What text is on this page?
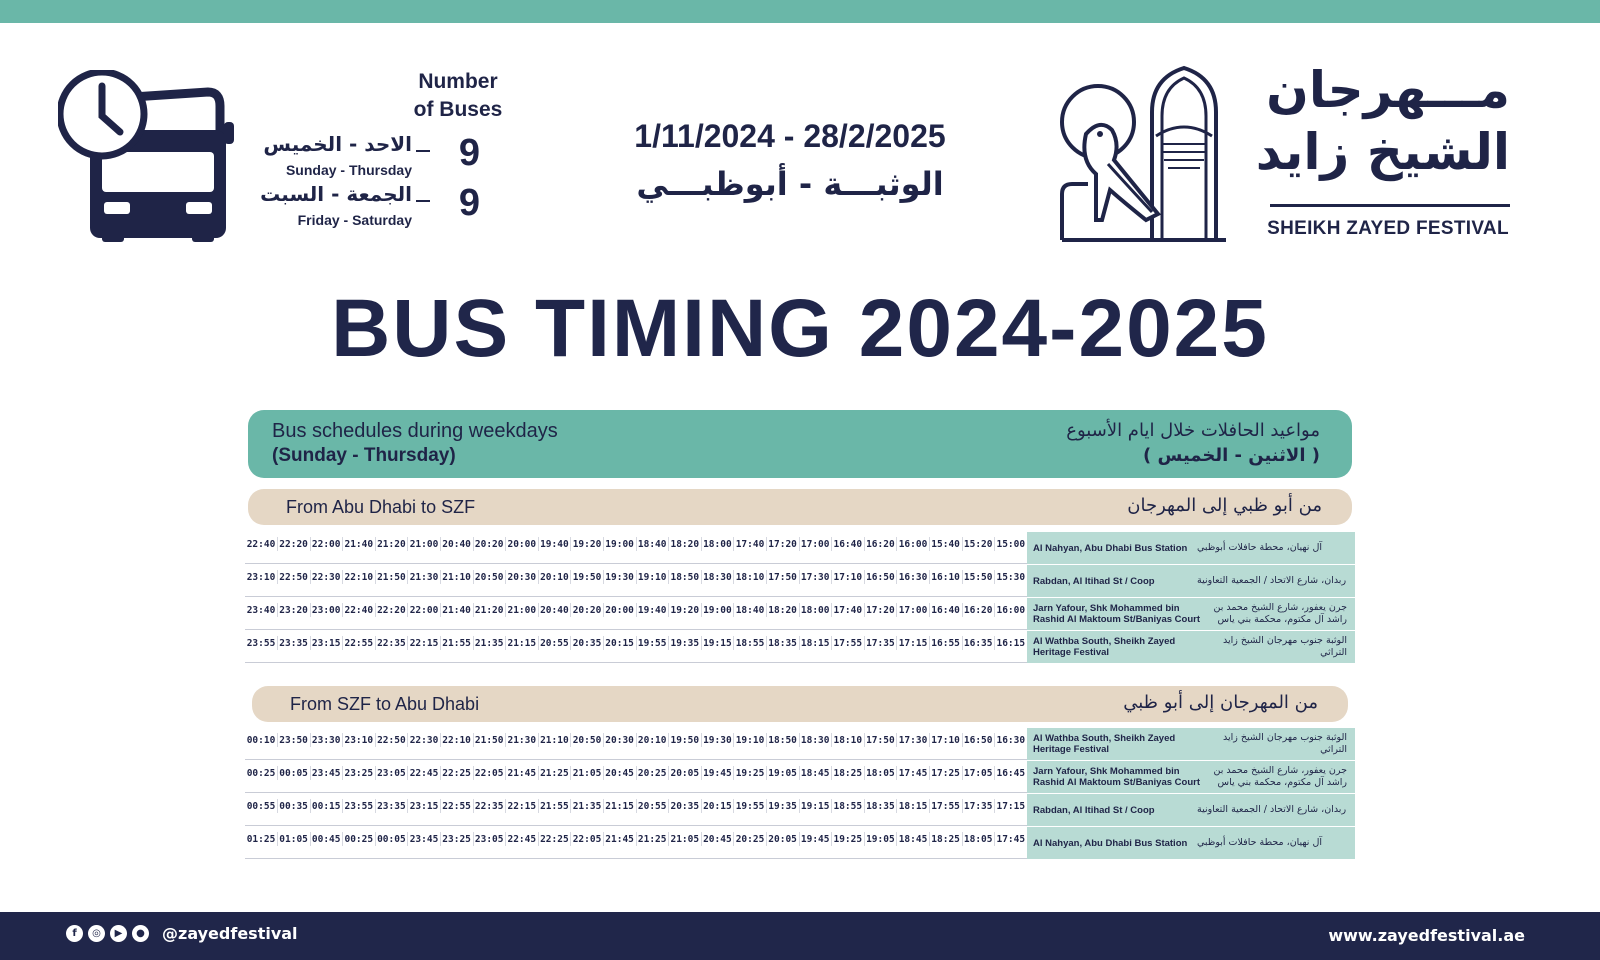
Number
of Buses
الاحد - الخميس
Sunday - Thursday 9
الجمعة - السبت
Friday - Saturday 9
1/11/2024 - 28/2/2025
الوثبـــة - أبوظبـــي
مـــهرجان
الشيخ زايد
SHEIKH ZAYED FESTIVAL
BUS TIMING 2024-2025
Bus schedules during weekdays
(Sunday - Thursday)
مواعيد الحافلات خلال ايام الأسبوع
( الاثنين - الخميس )
From Abu Dhabi to SZF	من أبو ظبي إلى المهرجان
22:40 22:20 22:00 21:40 21:20 21:00 20:40 20:20 20:00 19:40 19:20 19:00 18:40 18:20 18:00 17:40 17:20 17:00 16:40 16:20 16:00 15:40 15:20 15:00 Al Nahyan, Abu Dhabi Bus Station	آل نهيان، محطة حافلات أبوظبي
23:10 22:50 22:30 22:10 21:50 21:30 21:10 20:50 20:30 20:10 19:50 19:30 19:10 18:50 18:30 18:10 17:50 17:30 17:10 16:50 16:30 16:10 15:50 15:30 Rabdan, Al Itihad St / Coop	ربدان، شارع الاتحاد / الجمعية التعاونية
23:40 23:20 23:00 22:40 22:20 22:00 21:40 21:20 21:00 20:40 20:20 20:00 19:40 19:20 19:00 18:40 18:20 18:00 17:40 17:20 17:00 16:40 16:20 16:00 Jarn Yafour, Shk Mohammed bin Rashid Al Maktoum St/Baniyas Court
جرن يعفور، شارع الشيخ محمد بن راشد آل مكتوم، محكمة بني ياس
23:55 23:35 23:15 22:55 22:35 22:15 21:55 21:35 21:15 20:55 20:35 20:15 19:55 19:35 19:15 18:55 18:35 18:15 17:55 17:35 17:15 16:55 16:35 16:15 Al Wathba South, Sheikh Zayed Heritage Festival
الوثبة جنوب مهرجان الشيخ زايد التراثي
From SZF to Abu Dhabi	من المهرجان إلى أبو ظبي
00:10 23:50 23:30 23:10 22:50 22:30 22:10 21:50 21:30 21:10 20:50 20:30 20:10 19:50 19:30 19:10 18:50 18:30 18:10 17:50 17:30 17:10 16:50 16:30 Al Wathba South, Sheikh Zayed Heritage Festival
الوثبة جنوب مهرجان الشيخ زايد التراثي
00:25 00:05 23:45 23:25 23:05 22:45 22:25 22:05 21:45 21:25 21:05 20:45 20:25 20:05 19:45 19:25 19:05 18:45 18:25 18:05 17:45 17:25 17:05 16:45 Jarn Yafour, Shk Mohammed bin Rashid Al Maktoum St/Baniyas Court
جرن يعفور، شارع الشيخ محمد بن راشد آل مكتوم، محكمة بني ياس
00:55 00:35 00:15 23:55 23:35 23:15 22:55 22:35 22:15 21:55 21:35 21:15 20:55 20:35 20:15 19:55 19:35 19:15 18:55 18:35 18:15 17:55 17:35 17:15 Rabdan, Al Itihad St / Coop	ربدان، شارع الاتحاد / الجمعية التعاونية
01:25 01:05 00:45 00:25 00:05 23:45 23:25 23:05 22:45 22:25 22:05 21:45 21:25 21:05 20:45 20:25 20:05 19:45 19:25 19:05 18:45 18:25 18:05 17:45 Al Nahyan, Abu Dhabi Bus Station	آل نهيان، محطة حافلات أبوظبي
f	◎	▶	● @zayedfestival	www.zayedfestival.ae
